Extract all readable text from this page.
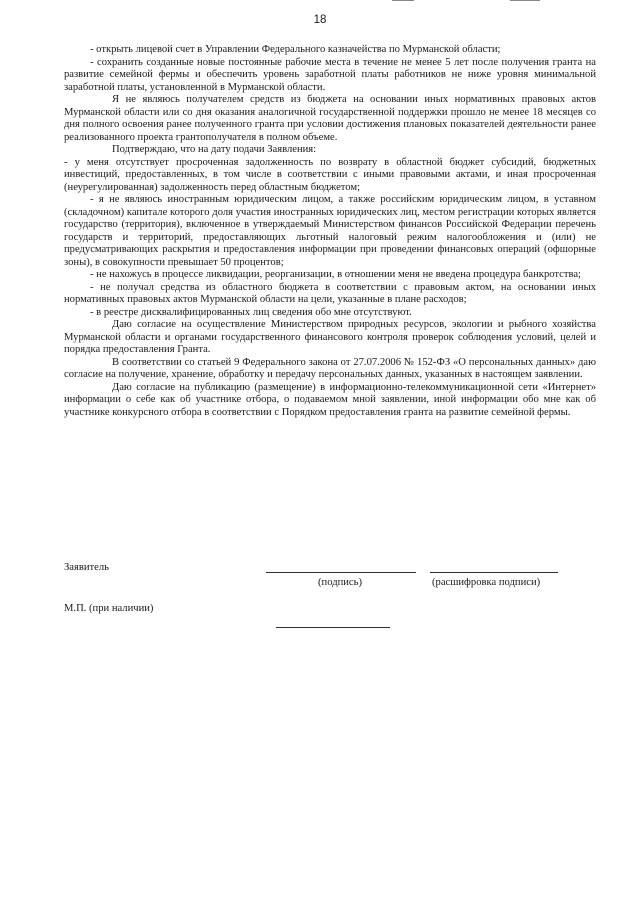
18

- открыть лицевой счет в Управлении Федерального казначейства по Мурманской области;

- сохранить созданные новые постоянные рабочие места в течение не менее 5 лет после получения гранта на развитие семейной фермы и обеспечить уровень заработной платы работников не ниже уровня минимальной заработной платы, установленной в Мурманской области.

Я не являюсь получателем средств из бюджета на основании иных нормативных правовых актов Мурманской области или со дня оказания аналогичной государственной поддержки прошло не менее 18 месяцев со дня полного освоения ранее полученного гранта при условии достижения плановых показателей деятельности ранее реализованного проекта грантополучателя в полном объеме.

Подтверждаю, что на дату подачи Заявления:

- у меня отсутствует просроченная задолженность по возврату в областной бюджет субсидий, бюджетных инвестиций, предоставленных, в том числе в соответствии с иными правовыми актами, и иная просроченная (неурегулированная) задолженность перед областным бюджетом;

- я не являюсь иностранным юридическим лицом, а также российским юридическим лицом, в уставном (складочном) капитале которого доля участия иностранных юридических лиц, местом регистрации которых является государство (территория), включенное в утверждаемый Министерством финансов Российской Федерации перечень государств и территорий, предоставляющих льготный налоговый режим налогообложения и (или) не предусматривающих раскрытия и предоставления информации при проведении финансовых операций (офшорные зоны), в совокупности превышает 50 процентов;

- не нахожусь в процессе ликвидации, реорганизации, в отношении меня не введена процедура банкротства;

- не получал средства из областного бюджета в соответствии с правовым актом, на основании иных нормативных правовых актов Мурманской области на цели, указанные в плане расходов;

- в реестре дисквалифицированных лиц сведения обо мне отсутствуют.

Даю согласие на осуществление Министерством природных ресурсов, экологии и рыбного хозяйства Мурманской области и органами государственного финансового контроля проверок соблюдения условий, целей и порядка предоставления Гранта.

В соответствии со статьей 9 Федерального закона от 27.07.2006 № 152-ФЗ «О персональных данных» даю согласие на получение, хранение, обработку и передачу персональных данных, указанных в настоящем заявлении.

Даю согласие на публикацию (размещение) в информационно-телекоммуникационной сети «Интернет» информации о себе как об участнике отбора, о подаваемом мной заявлении, иной информации обо мне как об участнике конкурсного отбора в соответствии с Порядком предоставления гранта на развитие семейной фермы.

Заявитель
(подпись)	(расшифровка подписи)
М.П. (при наличии)
